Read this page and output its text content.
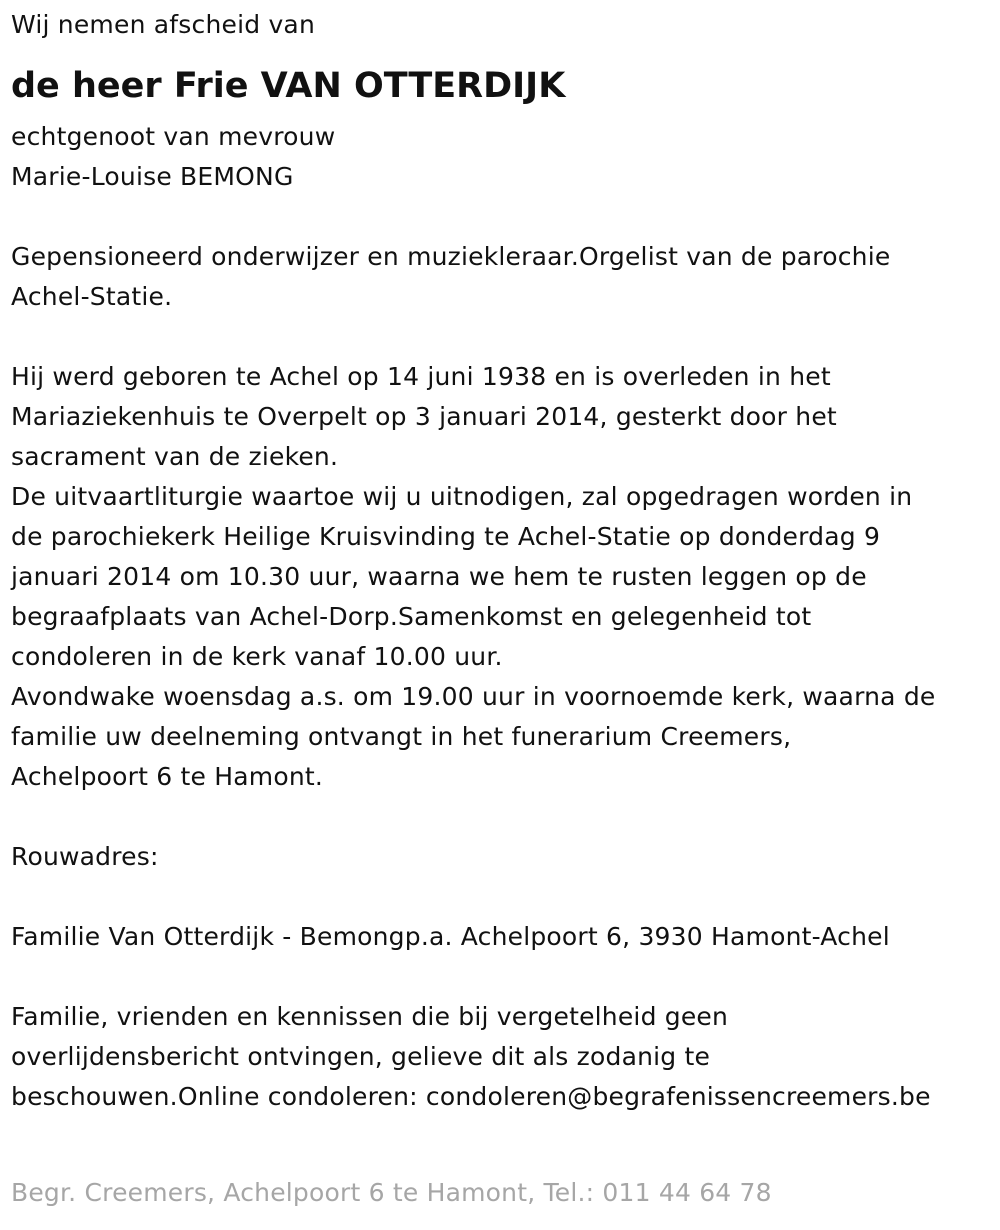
Wij nemen afscheid van
de heer Frie VAN OTTERDIJK
echtgenoot van mevrouw
Marie-Louise BEMONG
Gepensioneerd onderwijzer en muziekleraar.Orgelist van de parochie
Achel-Statie.
Hij werd geboren te Achel op 14 juni 1938 en is overleden in het
Mariaziekenhuis te Overpelt op 3 januari 2014, gesterkt door het
sacrament van de zieken.
De uitvaartliturgie waartoe wij u uitnodigen, zal opgedragen worden in
de parochiekerk Heilige Kruisvinding te Achel-Statie op donderdag 9
januari 2014 om 10.30 uur, waarna we hem te rusten leggen op de
begraafplaats van Achel-Dorp.Samenkomst en gelegenheid tot
condoleren in de kerk vanaf 10.00 uur.
Avondwake woensdag a.s. om 19.00 uur in voornoemde kerk, waarna de
familie uw deelneming ontvangt in het funerarium Creemers,
Achelpoort 6 te Hamont.
Rouwadres:
Familie Van Otterdijk - Bemongp.a. Achelpoort 6, 3930 Hamont-Achel
Familie, vrienden en kennissen die bij vergetelheid geen
overlijdensbericht ontvingen, gelieve dit als zodanig te
beschouwen.Online condoleren: condoleren@begrafenissencreemers.be
Begr. Creemers, Achelpoort 6 te Hamont, Tel.: 011 44 64 78
